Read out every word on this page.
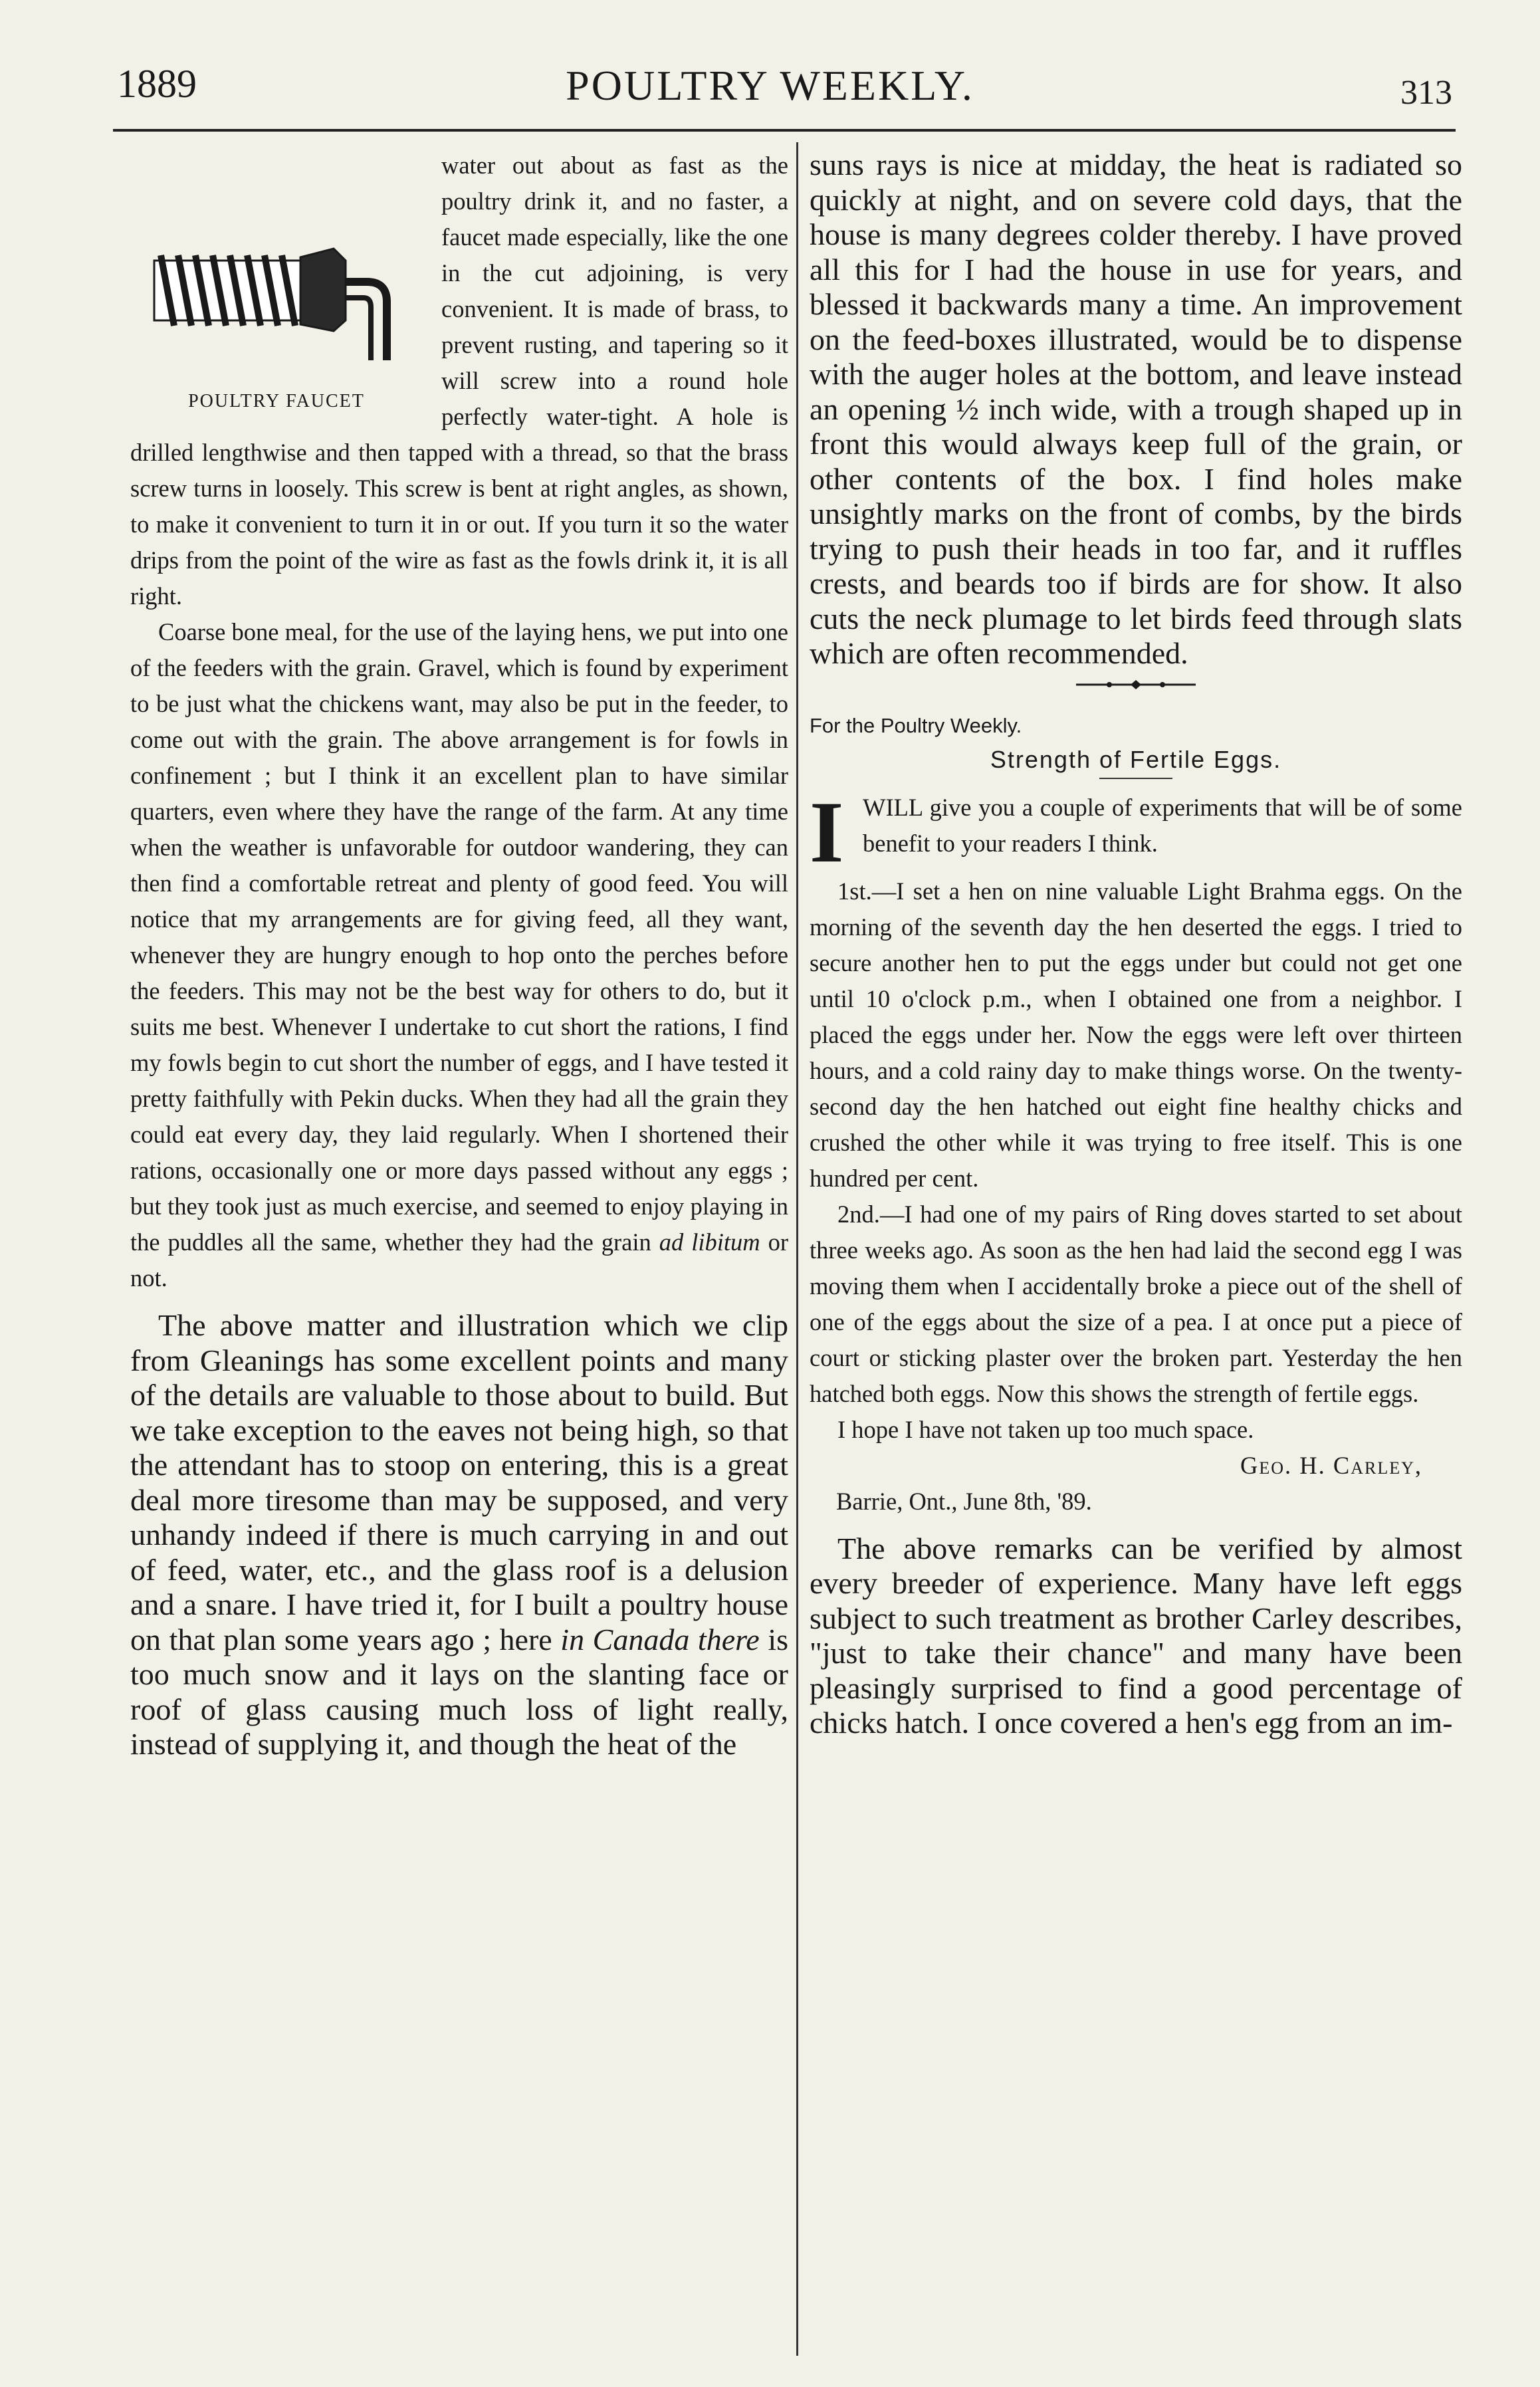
1889	POULTRY WEEKLY.	313
POULTRY FAUCET

water out about as fast as the poultry drink it, and no faster, a faucet made especially, like the one in the cut adjoining, is very convenient. It is made of brass, to prevent rusting, and tapering so it will screw into a round hole perfectly water-tight. A hole is drilled lengthwise and then tapped with a thread, so that the brass screw turns in loosely. This screw is bent at right angles, as shown, to make it convenient to turn it in or out. If you turn it so the water drips from the point of the wire as fast as the fowls drink it, it is all right.

Coarse bone meal, for the use of the laying hens, we put into one of the feeders with the grain. Gravel, which is found by experiment to be just what the chickens want, may also be put in the feeder, to come out with the grain. The above arrangement is for fowls in confinement ; but I think it an excellent plan to have similar quarters, even where they have the range of the farm. At any time when the weather is unfavorable for outdoor wandering, they can then find a comfortable retreat and plenty of good feed. You will notice that my arrangements are for giving feed, all they want, whenever they are hungry enough to hop onto the perches before the feeders. This may not be the best way for others to do, but it suits me best. Whenever I undertake to cut short the rations, I find my fowls begin to cut short the number of eggs, and I have tested it pretty faithfully with Pekin ducks. When they had all the grain they could eat every day, they laid regularly. When I shortened their rations, occasionally one or more days passed without any eggs ; but they took just as much exercise, and seemed to enjoy playing in the puddles all the same, whether they had the grain ad libitum or not.

The above matter and illustration which we clip from Gleanings has some excellent points and many of the details are valuable to those about to build. But we take exception to the eaves not being high, so that the attendant has to stoop on entering, this is a great deal more tiresome than may be supposed, and very unhandy indeed if there is much carrying in and out of feed, water, etc., and the glass roof is a delusion and a snare. I have tried it, for I built a poultry house on that plan some years ago ; here in Canada there is too much snow and it lays on the slanting face or roof of glass causing much loss of light really, instead of supplying it, and though the heat of the

suns rays is nice at midday, the heat is radiated so quickly at night, and on severe cold days, that the house is many degrees colder thereby. I have proved all this for I had the house in use for years, and blessed it backwards many a time. An improvement on the feed-boxes illustrated, would be to dispense with the auger holes at the bottom, and leave instead an opening ½ inch wide, with a trough shaped up in front this would always keep full of the grain, or other contents of the box. I find holes make unsightly marks on the front of combs, by the birds trying to push their heads in too far, and it ruffles crests, and beards too if birds are for show. It also cuts the neck plumage to let birds feed through slats which are often recommended.

For the Poultry Weekly.
Strength of Fertile Eggs.
I WILL give you a couple of experiments that will be of some benefit to your readers I think.

1st.—I set a hen on nine valuable Light Brahma eggs. On the morning of the seventh day the hen deserted the eggs. I tried to secure another hen to put the eggs under but could not get one until 10 o'clock p.m., when I obtained one from a neighbor. I placed the eggs under her. Now the eggs were left over thirteen hours, and a cold rainy day to make things worse. On the twenty-second day the hen hatched out eight fine healthy chicks and crushed the other while it was trying to free itself. This is one hundred per cent.

2nd.—I had one of my pairs of Ring doves started to set about three weeks ago. As soon as the hen had laid the second egg I was moving them when I accidentally broke a piece out of the shell of one of the eggs about the size of a pea. I at once put a piece of court or sticking plaster over the broken part. Yesterday the hen hatched both eggs. Now this shows the strength of fertile eggs.

I hope I have not taken up too much space.

Geo. H. Carley,
Barrie, Ont., June 8th, '89.

The above remarks can be verified by almost every breeder of experience. Many have left eggs subject to such treatment as brother Carley describes, "just to take their chance" and many have been pleasingly surprised to find a good percentage of chicks hatch. I once covered a hen's egg from an im-
